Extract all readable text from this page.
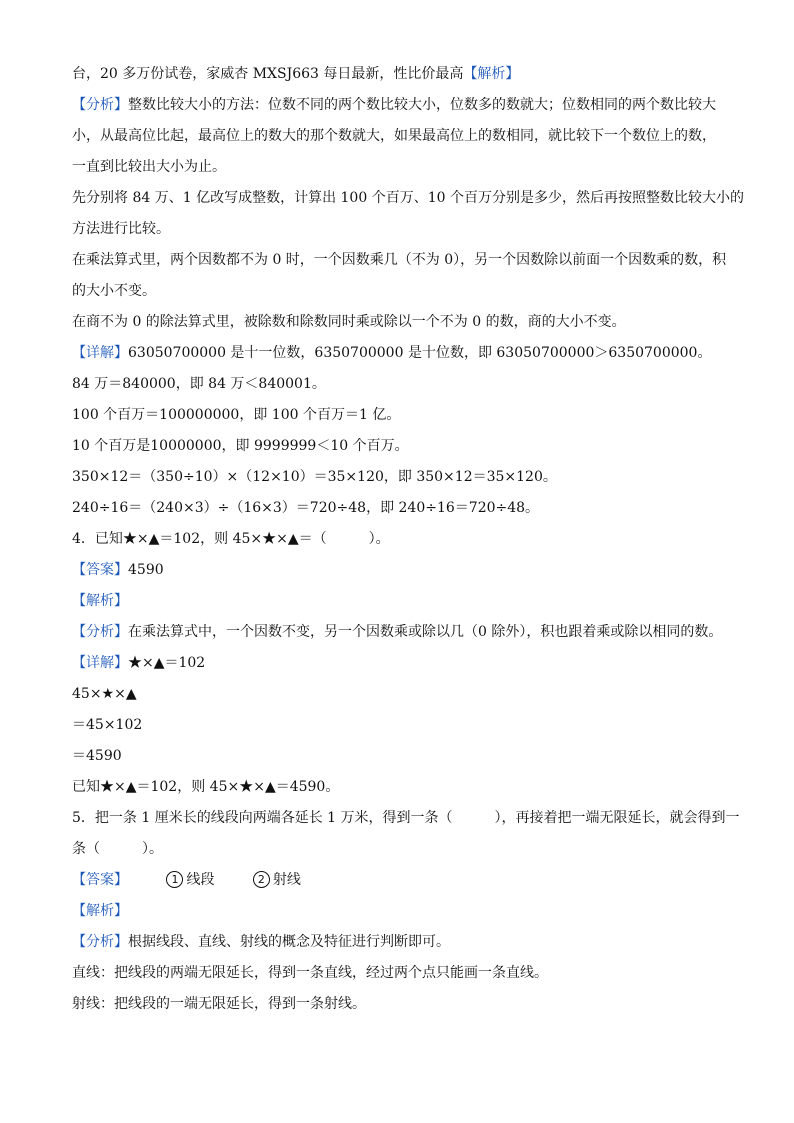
台，20 多万份试卷，家威杏 MXSJ663 每日最新，性比价最高【解析】
【分析】整数比较大小的方法：位数不同的两个数比较大小，位数多的数就大；位数相同的两个数比较大
小，从最高位比起，最高位上的数大的那个数就大，如果最高位上的数相同，就比较下一个数位上的数，
一直到比较出大小为止。
先分别将 84 万、1 亿改写成整数，计算出 100 个百万、10 个百万分别是多少，然后再按照整数比较大小的
方法进行比较。
在乘法算式里，两个因数都不为 0 时，一个因数乘几（不为 0），另一个因数除以前面一个因数乘的数，积
的大小不变。
在商不为 0 的除法算式里，被除数和除数同时乘或除以一个不为 0 的数，商的大小不变。
【详解】63050700000 是十一位数，6350700000 是十位数，即 63050700000＞6350700000。
84 万＝840000，即 84 万＜840001。
100 个百万＝100000000，即 100 个百万＝1 亿。
10 个百万是10000000，即 9999999＜10 个百万。
350×12＝（350÷10）×（12×10）＝35×120，即 350×12＝35×120。
240÷16＝（240×3）÷（16×3）＝720÷48，即 240÷16＝720÷48。
4．已知★×▲＝102，则 45×★×▲＝（　　　）。
【答案】4590
【解析】
【分析】在乘法算式中，一个因数不变，另一个因数乘或除以几（0 除外），积也跟着乘或除以相同的数。
【详解】★×▲＝102
45×★×▲
＝45×102
＝4590
已知★×▲＝102，则 45×★×▲＝4590。
5．把一条 1 厘米长的线段向两端各延长 1 万米，得到一条（　　　），再接着把一端无限延长，就会得到一
条（　　　）。
【答案】	1 线段	2 射线
【解析】
【分析】根据线段、直线、射线的概念及特征进行判断即可。
直线：把线段的两端无限延长，得到一条直线，经过两个点只能画一条直线。
射线：把线段的一端无限延长，得到一条射线。
